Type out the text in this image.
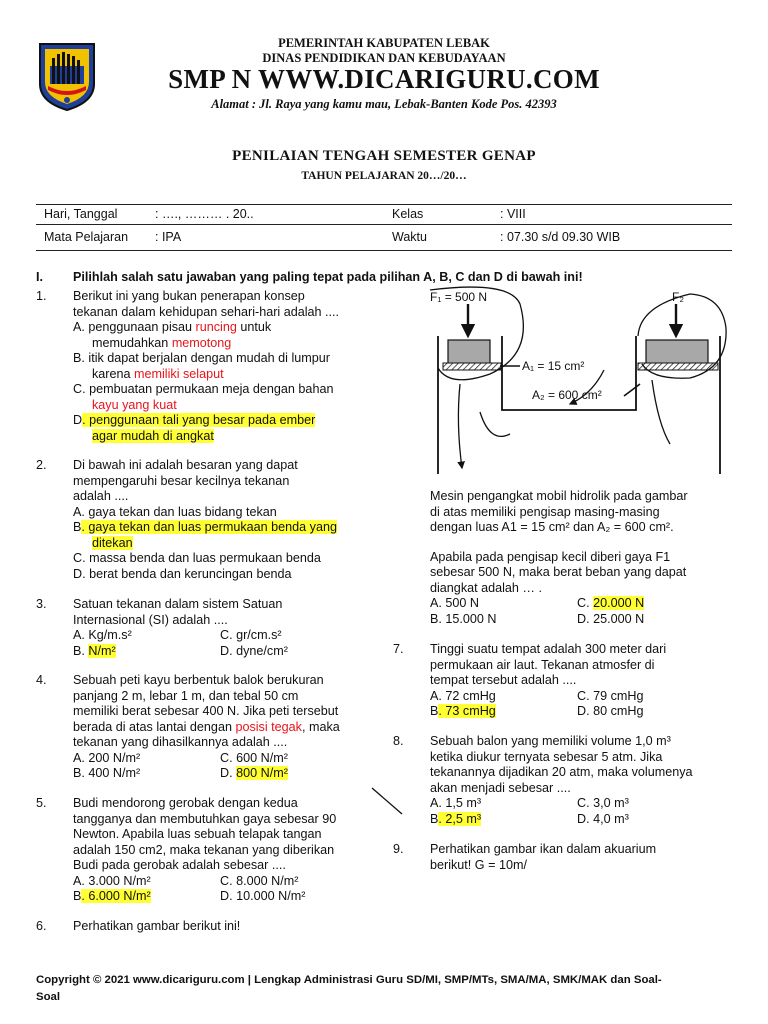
PEMERINTAH KABUPATEN LEBAK
DINAS PENDIDIKAN DAN KEBUDAYAAN
SMP N WWW.DICARIGURU.COM
Alamat : Jl. Raya yang kamu mau, Lebak-Banten Kode Pos. 42393
PENILAIAN TENGAH SEMESTER GENAP
TAHUN PELAJARAN 20…/20…
Hari, Tanggal	: …., ……… . 20..	Kelas	: VIII
Mata Pelajaran : IPA	Waktu	: 07.30 s/d 09.30 WIB
I. Pilihlah salah satu jawaban yang paling tepat pada pilihan A, B, C dan D di bawah ini!
1.	Berikut ini yang bukan penerapan konsep
tekanan dalam kehidupan sehari-hari adalah ....
A. penggunaan pisau runcing untuk
memudahkan memotong
B. itik dapat berjalan dengan mudah di lumpur
karena memiliki selaput
C. pembuatan permukaan meja dengan bahan
kayu yang kuat
D. penggunaan tali yang besar pada ember
agar mudah di angkat
2.	Di bawah ini adalah besaran yang dapat
mempengaruhi besar kecilnya tekanan
adalah ....
A. gaya tekan dan luas bidang tekan
B. gaya tekan dan luas permukaan benda yang
ditekan
C. massa benda dan luas permukaan benda
D. berat benda dan keruncingan benda
3.	Satuan tekanan dalam sistem Satuan
Internasional (SI) adalah ....
A. Kg/m.s²	C. gr/cm.s²
B. N/m²	D. dyne/cm²
4.	Sebuah peti kayu berbentuk balok berukuran
panjang 2 m, lebar 1 m, dan tebal 50 cm
memiliki berat sebesar 400 N. Jika peti tersebut
berada di atas lantai dengan posisi tegak, maka
tekanan yang dihasilkannya adalah ....
A. 200 N/m²	C. 600 N/m²
B. 400 N/m²	D. 800 N/m²
5.	Budi mendorong gerobak dengan kedua
tangganya dan membutuhkan gaya sebesar 90
Newton. Apabila luas sebuah telapak tangan
adalah 150 cm2, maka tekanan yang diberikan
Budi pada gerobak adalah sebesar ....
A. 3.000 N/m²	C. 8.000 N/m²
B. 6.000 N/m²	D. 10.000 N/m²
6.	Perhatikan gambar berikut ini!
F₁ = 500 N	F₂
A₁ = 15 cm²
A₂ = 600 cm²
Mesin pengangkat mobil hidrolik pada gambar
di atas memiliki pengisap masing-masing
dengan luas A1 = 15 cm² dan A₂ = 600 cm².
Apabila pada pengisap kecil diberi gaya F1
sebesar 500 N, maka berat beban yang dapat
diangkat adalah … .
A. 500 N	C. 20.000 N
B. 15.000 N	D. 25.000 N
7.	Tinggi suatu tempat adalah 300 meter dari
permukaan air laut. Tekanan atmosfer di
tempat tersebut adalah ....
A. 72 cmHg	C. 79 cmHg
B. 73 cmHg	D. 80 cmHg
8.	Sebuah balon yang memiliki volume 1,0 m³
ketika diukur ternyata sebesar 5 atm. Jika
tekanannya dijadikan 20 atm, maka volumenya
akan menjadi sebesar ....
A. 1,5 m³	C. 3,0 m³
B. 2,5 m³	D. 4,0 m³
9.	Perhatikan gambar ikan dalam akuarium
berikut! G = 10m/
Copyright © 2021 www.dicariguru.com | Lengkap Administrasi Guru SD/MI, SMP/MTs, SMA/MA, SMK/MAK dan Soal-
Soal
